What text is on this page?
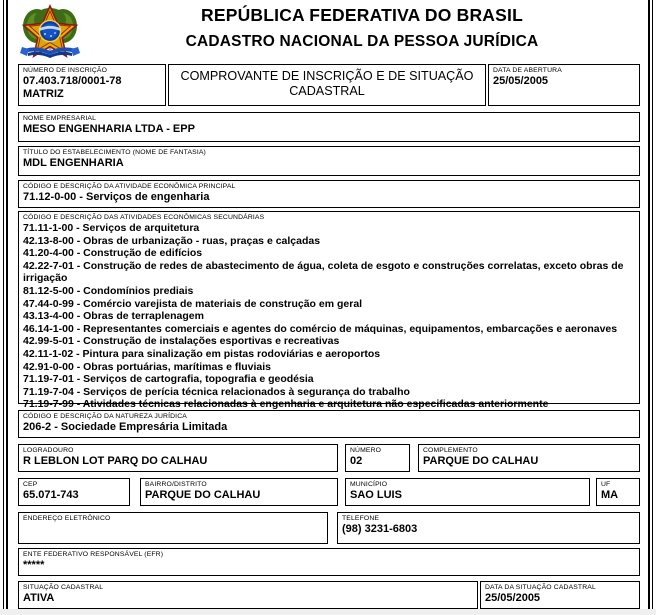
REPÚBLICA FEDERATIVA DO BRASIL
CADASTRO NACIONAL DA PESSOA JURÍDICA
NÚMERO DE INSCRIÇÃO
07.403.718/0001-78
MATRIZ
COMPROVANTE DE INSCRIÇÃO E DE SITUAÇÃO CADASTRAL
DATA DE ABERTURA
25/05/2005
NOME EMPRESARIAL
MESO ENGENHARIA LTDA - EPP
TÍTULO DO ESTABELECIMENTO (NOME DE FANTASIA)
MDL ENGENHARIA
CÓDIGO E DESCRIÇÃO DA ATIVIDADE ECONÔMICA PRINCIPAL
71.12-0-00 - Serviços de engenharia
CÓDIGO E DESCRIÇÃO DAS ATIVIDADES ECONÔMICAS SECUNDÁRIAS
71.11-1-00 - Serviços de arquitetura
42.13-8-00 - Obras de urbanização - ruas, praças e calçadas
41.20-4-00 - Construção de edifícios
42.22-7-01 - Construção de redes de abastecimento de água, coleta de esgoto e construções correlatas, exceto obras de irrigação
81.12-5-00 - Condomínios prediais
47.44-0-99 - Comércio varejista de materiais de construção em geral
43.13-4-00 - Obras de terraplenagem
46.14-1-00 - Representantes comerciais e agentes do comércio de máquinas, equipamentos, embarcações e aeronaves
42.99-5-01 - Construção de instalações esportivas e recreativas
42.11-1-02 - Pintura para sinalização em pistas rodoviárias e aeroportos
42.91-0-00 - Obras portuárias, marítimas e fluviais
71.19-7-01 - Serviços de cartografia, topografia e geodésia
71.19-7-04 - Serviços de perícia técnica relacionados à segurança do trabalho
71.19-7-99 - Atividades técnicas relacionadas à engenharia e arquitetura não especificadas anteriormente
CÓDIGO E DESCRIÇÃO DA NATUREZA JURÍDICA
206-2 - Sociedade Empresária Limitada
LOGRADOURO
R LEBLON LOT PARQ DO CALHAU
NÚMERO
02
COMPLEMENTO
PARQUE DO CALHAU
CEP
65.071-743
BAIRRO/DISTRITO
PARQUE DO CALHAU
MUNICÍPIO
SAO LUIS
UF
MA
ENDEREÇO ELETRÔNICO	TELEFONE
(98) 3231-6803
ENTE FEDERATIVO RESPONSÁVEL (EFR)
*****
SITUAÇÃO CADASTRAL
ATIVA
DATA DA SITUAÇÃO CADASTRAL
25/05/2005
